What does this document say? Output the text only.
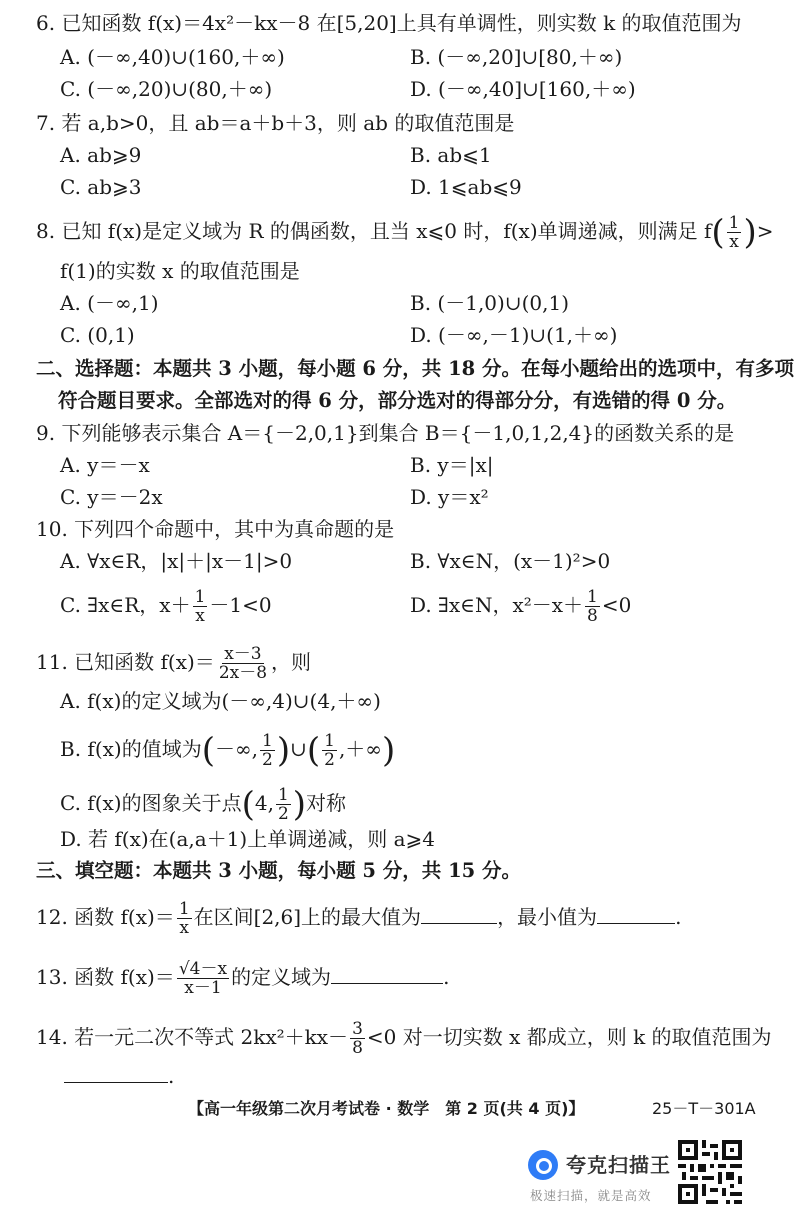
6. 已知函数 f(x)＝4x²－kx－8 在[5,20]上具有单调性，则实数 k 的取值范围为
A. (－∞,40)∪(160,＋∞)	B. (－∞,20]∪[80,＋∞)
C. (－∞,20)∪(80,＋∞)	D. (－∞,40]∪[160,＋∞)
7. 若 a,b>0，且 ab＝a＋b＋3，则 ab 的取值范围是
A. ab⩾9	B. ab⩽1
C. ab⩾3	D. 1⩽ab⩽9
8. 已知 f(x)是定义域为 R 的偶函数，且当 x⩽0 时，f(x)单调递减，则满足 $f( \frac{1}{x}$ )>
f(1)的实数 x 的取值范围是
A. (－∞,1)	B. (－1,0)∪(0,1)
C. (0,1)	D. (－∞,－1)∪(1,＋∞)
二、选择题：本题共 3 小题，每小题 6 分，共 18 分。在每小题给出的选项中，有多项
符合题目要求。全部选对的得 6 分，部分选对的得部分分，有选错的得 0 分。
9. 下列能够表示集合 A＝{－2,0,1}到集合 B＝{－1,0,1,2,4}的函数关系的是
A. y＝－x	B. y＝|x|
C. y＝－2x	D. y＝x²
10. 下列四个命题中，其中为真命题的是
A. ∀x∈R，|x|＋|x－1|>0	B. ∀x∈N，(x－1)²>0
C. ∃x∈R，$x+ \frac{1}{x} -1<0$	D. ∃x∈N，$x^2-x+ \frac{1}{8} <0$
11. 已知函数 $f(x)= \frac{x-3}{2x-8}$ ，则
A. f(x)的定义域为(－∞,4)∪(4,＋∞)
B. f(x)的值域为(－∞, $\frac{1}{2}$ )∪( $\frac{1}{2}$ ,＋∞)
C. f(x)的图象关于点(4, $\frac{1}{2}$ )对称
D. 若 f(x)在(a,a＋1)上单调递减，则 a⩾4
三、填空题：本题共 3 小题，每小题 5 分，共 15 分。
12. 函数 $f(x)= \frac{1}{x}$ 在区间[2,6]上的最大值为	，最小值为	.
13. 函数 $f(x)= \frac{√4-x}{x-1}$ 的定义域为	.
14. 若一元二次不等式 $2kx^2+kx- \frac{3}{8} <0$ 对一切实数 x 都成立，则 k 的取值范围为
.
【高一年级第二次月考试卷 · 数学　第 2 页(共 4 页)】	25－T－301A
夸克扫描王
极速扫描，就是高效
